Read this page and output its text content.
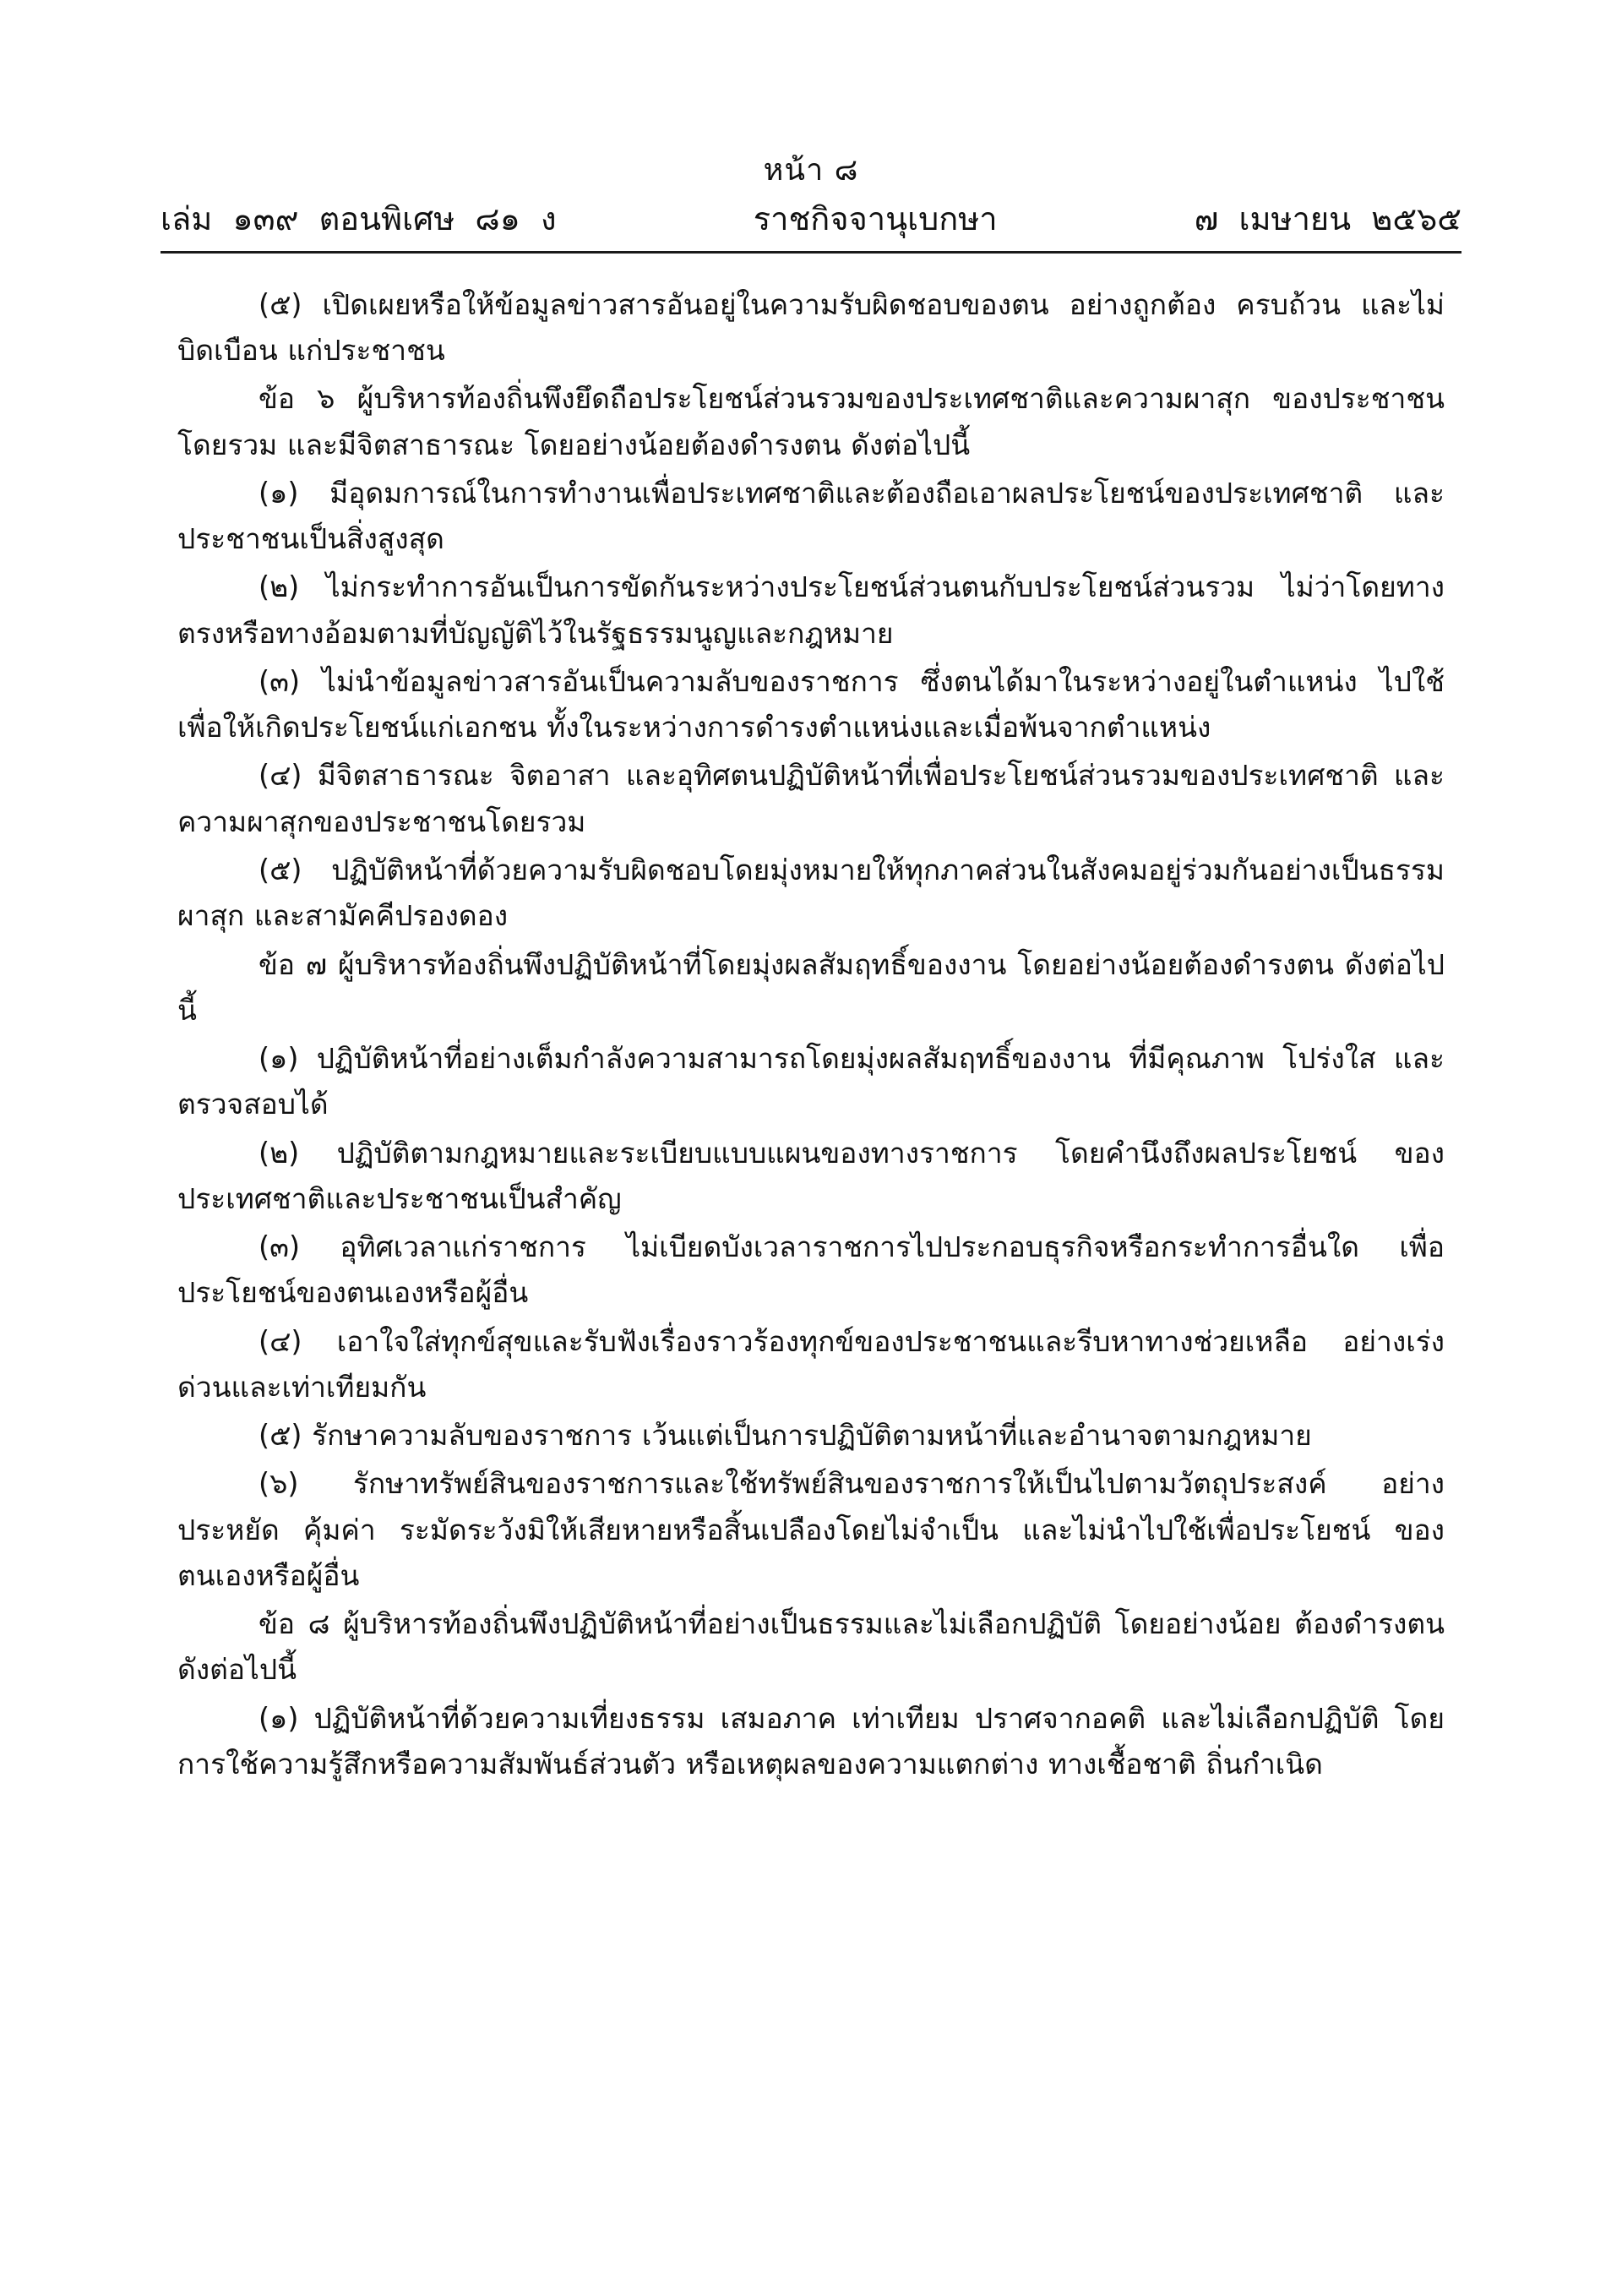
หน้า ๘
เล่ม  ๑๓๙  ตอนพิเศษ  ๘๑  ง	ราชกิจจานุเบกษา	๗  เมษายน  ๒๕๖๕

(๕) เปิดเผยหรือให้ข้อมูลข่าวสารอันอยู่ในความรับผิดชอบของตน อย่างถูกต้อง ครบถ้วน และไม่บิดเบือน แก่ประชาชน

ข้อ ๖ ผู้บริหารท้องถิ่นพึงยึดถือประโยชน์ส่วนรวมของประเทศชาติและความผาสุก ของประชาชนโดยรวม และมีจิตสาธารณะ โดยอย่างน้อยต้องดำรงตน ดังต่อไปนี้

(๑) มีอุดมการณ์ในการทำงานเพื่อประเทศชาติและต้องถือเอาผลประโยชน์ของประเทศชาติ และประชาชนเป็นสิ่งสูงสุด

(๒) ไม่กระทำการอันเป็นการขัดกันระหว่างประโยชน์ส่วนตนกับประโยชน์ส่วนรวม ไม่ว่าโดยทางตรงหรือทางอ้อมตามที่บัญญัติไว้ในรัฐธรรมนูญและกฎหมาย

(๓) ไม่นำข้อมูลข่าวสารอันเป็นความลับของราชการ ซึ่งตนได้มาในระหว่างอยู่ในตำแหน่ง ไปใช้เพื่อให้เกิดประโยชน์แก่เอกชน ทั้งในระหว่างการดำรงตำแหน่งและเมื่อพ้นจากตำแหน่ง

(๔) มีจิตสาธารณะ จิตอาสา และอุทิศตนปฏิบัติหน้าที่เพื่อประโยชน์ส่วนรวมของประเทศชาติ และความผาสุกของประชาชนโดยรวม

(๕) ปฏิบัติหน้าที่ด้วยความรับผิดชอบโดยมุ่งหมายให้ทุกภาคส่วนในสังคมอยู่ร่วมกันอย่างเป็นธรรม ผาสุก และสามัคคีปรองดอง

ข้อ ๗ ผู้บริหารท้องถิ่นพึงปฏิบัติหน้าที่โดยมุ่งผลสัมฤทธิ์ของงาน โดยอย่างน้อยต้องดำรงตน ดังต่อไปนี้

(๑) ปฏิบัติหน้าที่อย่างเต็มกำลังความสามารถโดยมุ่งผลสัมฤทธิ์ของงาน ที่มีคุณภาพ โปร่งใส และตรวจสอบได้

(๒) ปฏิบัติตามกฎหมายและระเบียบแบบแผนของทางราชการ โดยคำนึงถึงผลประโยชน์ ของประเทศชาติและประชาชนเป็นสำคัญ

(๓) อุทิศเวลาแก่ราชการ ไม่เบียดบังเวลาราชการไปประกอบธุรกิจหรือกระทำการอื่นใด เพื่อประโยชน์ของตนเองหรือผู้อื่น

(๔) เอาใจใส่ทุกข์สุขและรับฟังเรื่องราวร้องทุกข์ของประชาชนและรีบหาทางช่วยเหลือ อย่างเร่งด่วนและเท่าเทียมกัน

(๕) รักษาความลับของราชการ เว้นแต่เป็นการปฏิบัติตามหน้าที่และอำนาจตามกฎหมาย

(๖) รักษาทรัพย์สินของราชการและใช้ทรัพย์สินของราชการให้เป็นไปตามวัตถุประสงค์ อย่างประหยัด คุ้มค่า ระมัดระวังมิให้เสียหายหรือสิ้นเปลืองโดยไม่จำเป็น และไม่นำไปใช้เพื่อประโยชน์ ของตนเองหรือผู้อื่น

ข้อ ๘ ผู้บริหารท้องถิ่นพึงปฏิบัติหน้าที่อย่างเป็นธรรมและไม่เลือกปฏิบัติ โดยอย่างน้อย ต้องดำรงตน ดังต่อไปนี้

(๑) ปฏิบัติหน้าที่ด้วยความเที่ยงธรรม เสมอภาค เท่าเทียม ปราศจากอคติ และไม่เลือกปฏิบัติ โดยการใช้ความรู้สึกหรือความสัมพันธ์ส่วนตัว หรือเหตุผลของความแตกต่าง ทางเชื้อชาติ ถิ่นกำเนิด
